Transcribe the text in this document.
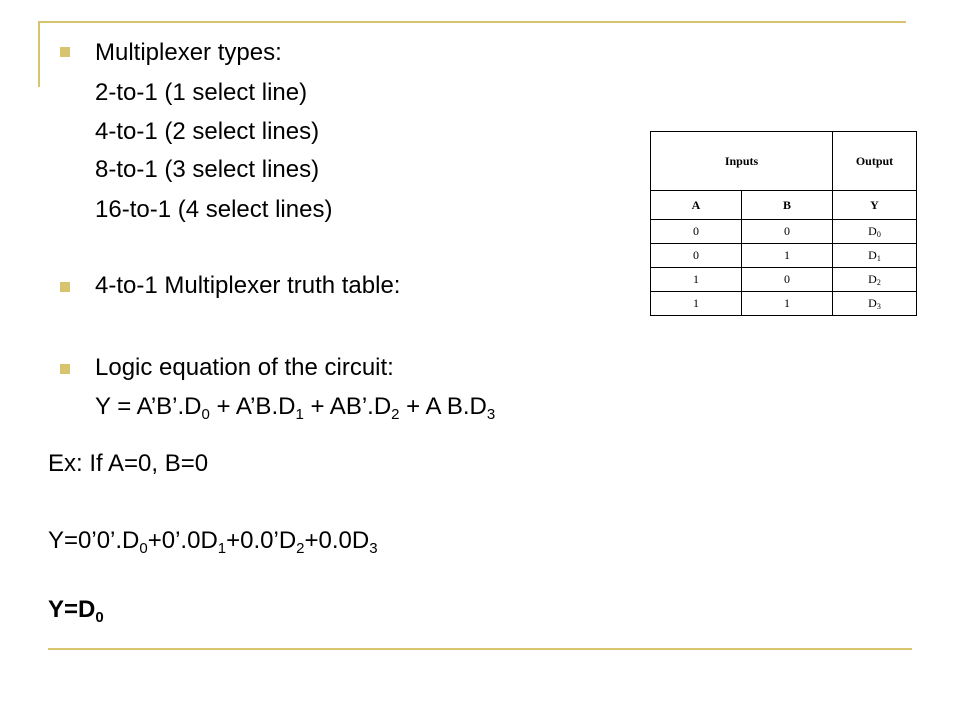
Multiplexer types:
2-to-1 (1 select line)
4-to-1 (2 select lines)
8-to-1 (3 select lines)
16-to-1 (4 select lines)
4-to-1 Multiplexer truth table:
Logic equation of the circuit:
$Y = A’B’.D_0$ + $A’B.D_1$ + $AB’.D_2 + A$ $B.D_3$
Ex: If A=0, B=0
$Y=0’0’.D_0+0’.0D_1+0.0’D_2+0.0D_3$
$Y=D_0$
Inputs		Output
A	B	Y
0	0	$D_0$
0	1	$D_1$
1	0	$D_2$
1	1	$D_3$
